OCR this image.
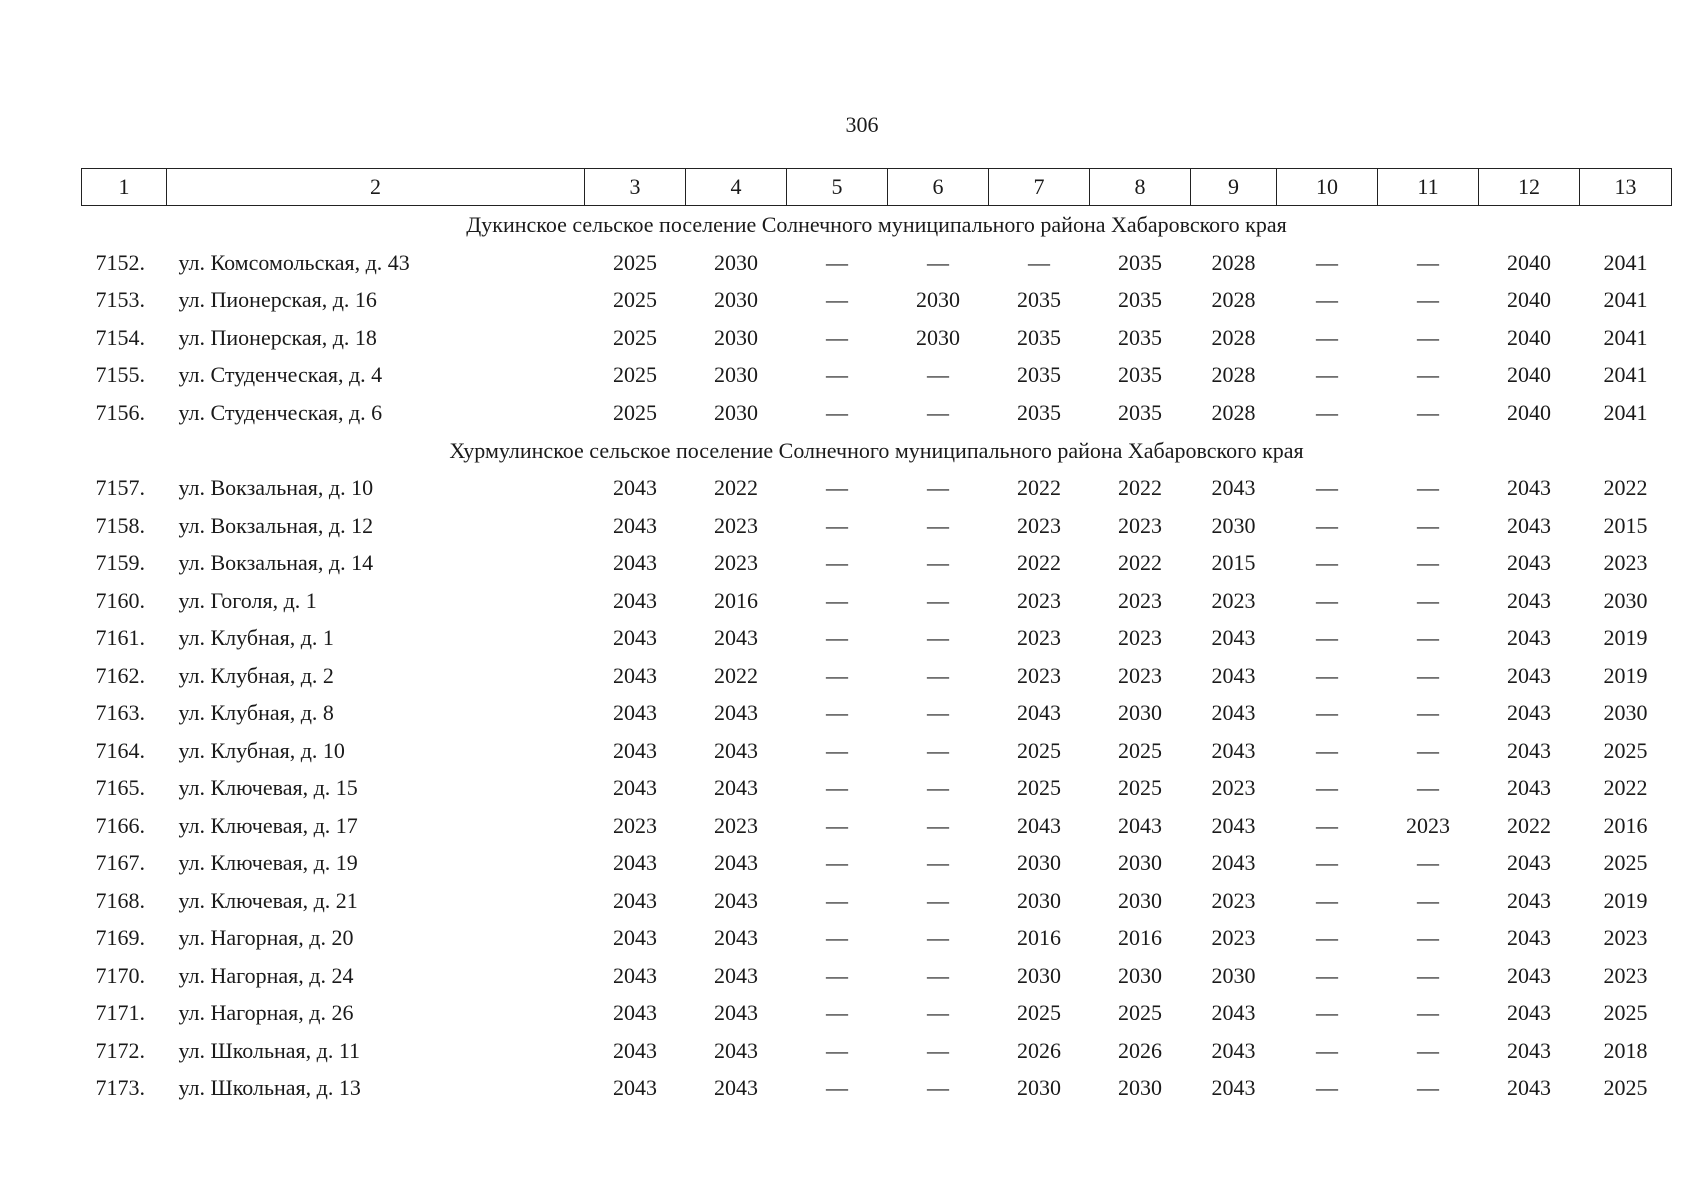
306
1	2	3	4	5	6	7	8	9	10	11	12	13
Дукинское сельское поселение Солнечного муниципального района Хабаровского края												
7152.	ул. Комсомольская, д. 43	2025	2030	—	—	—	2035	2028	—	—	2040	2041
7153.	ул. Пионерская, д. 16	2025	2030	—	2030	2035	2035	2028	—	—	2040	2041
7154.	ул. Пионерская, д. 18	2025	2030	—	2030	2035	2035	2028	—	—	2040	2041
7155.	ул. Студенческая, д. 4	2025	2030	—	—	2035	2035	2028	—	—	2040	2041
7156.	ул. Студенческая, д. 6	2025	2030	—	—	2035	2035	2028	—	—	2040	2041
Хурмулинское сельское поселение Солнечного муниципального района Хабаровского края												
7157.	ул. Вокзальная, д. 10	2043	2022	—	—	2022	2022	2043	—	—	2043	2022
7158.	ул. Вокзальная, д. 12	2043	2023	—	—	2023	2023	2030	—	—	2043	2015
7159.	ул. Вокзальная, д. 14	2043	2023	—	—	2022	2022	2015	—	—	2043	2023
7160.	ул. Гоголя, д. 1	2043	2016	—	—	2023	2023	2023	—	—	2043	2030
7161.	ул. Клубная, д. 1	2043	2043	—	—	2023	2023	2043	—	—	2043	2019
7162.	ул. Клубная, д. 2	2043	2022	—	—	2023	2023	2043	—	—	2043	2019
7163.	ул. Клубная, д. 8	2043	2043	—	—	2043	2030	2043	—	—	2043	2030
7164.	ул. Клубная, д. 10	2043	2043	—	—	2025	2025	2043	—	—	2043	2025
7165.	ул. Ключевая, д. 15	2043	2043	—	—	2025	2025	2023	—	—	2043	2022
7166.	ул. Ключевая, д. 17	2023	2023	—	—	2043	2043	2043	—	2023	2022	2016
7167.	ул. Ключевая, д. 19	2043	2043	—	—	2030	2030	2043	—	—	2043	2025
7168.	ул. Ключевая, д. 21	2043	2043	—	—	2030	2030	2023	—	—	2043	2019
7169.	ул. Нагорная, д. 20	2043	2043	—	—	2016	2016	2023	—	—	2043	2023
7170.	ул. Нагорная, д. 24	2043	2043	—	—	2030	2030	2030	—	—	2043	2023
7171.	ул. Нагорная, д. 26	2043	2043	—	—	2025	2025	2043	—	—	2043	2025
7172.	ул. Школьная, д. 11	2043	2043	—	—	2026	2026	2043	—	—	2043	2018
7173.	ул. Школьная, д. 13	2043	2043	—	—	2030	2030	2043	—	—	2043	2025
